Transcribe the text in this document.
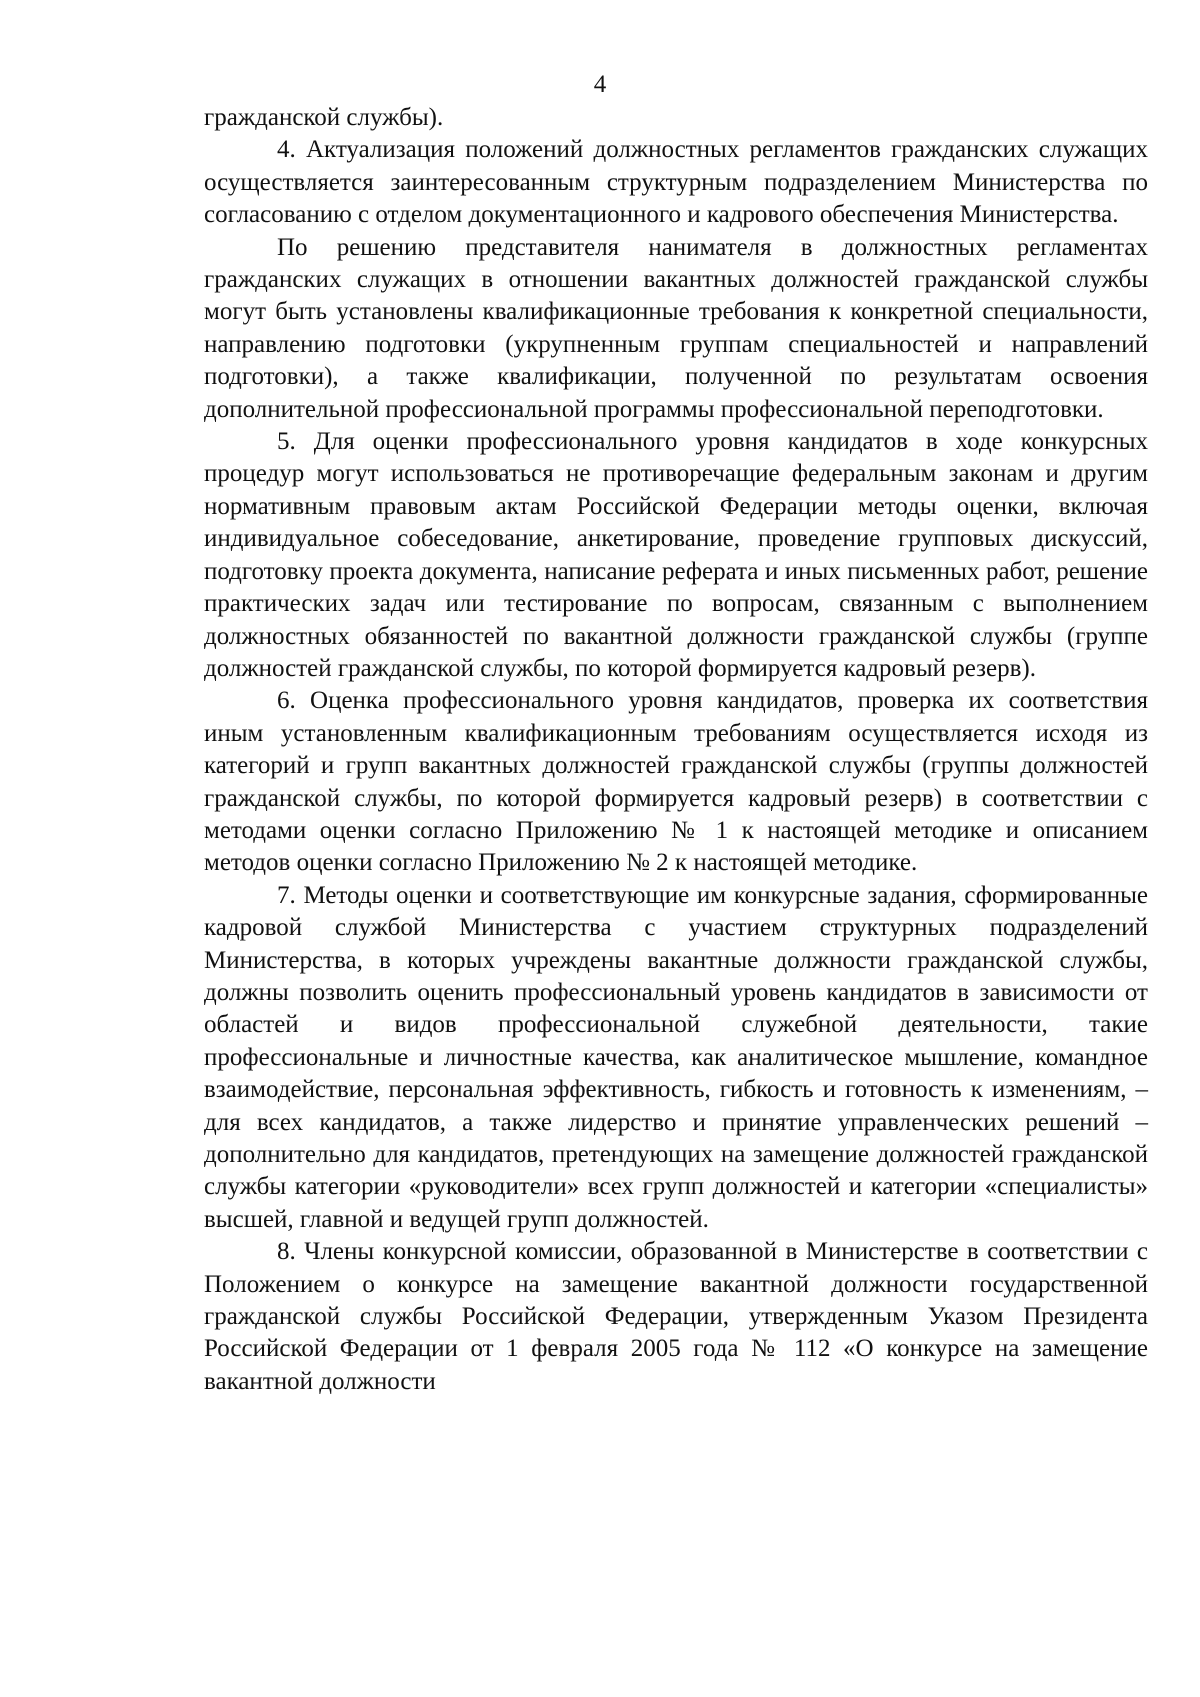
4

гражданской службы).

4. Актуализация положений должностных регламентов гражданских служащих осуществляется заинтересованным структурным подразделением Министерства по согласованию с отделом документационного и кадрового обеспечения Министерства.

По решению представителя нанимателя в должностных регламентах гражданских служащих в отношении вакантных должностей гражданской службы могут быть установлены квалификационные требования к конкретной специальности, направлению подготовки (укрупненным группам специальностей и направлений подготовки), а также квалификации, полученной по результатам освоения дополнительной профессиональной программы профессиональной переподготовки.

5. Для оценки профессионального уровня кандидатов в ходе конкурсных процедур могут использоваться не противоречащие федеральным законам и другим нормативным правовым актам Российской Федерации методы оценки, включая индивидуальное собеседование, анкетирование, проведение групповых дискуссий, подготовку проекта документа, написание реферата и иных письменных работ, решение практических задач или тестирование по вопросам, связанным с выполнением должностных обязанностей по вакантной должности гражданской службы (группе должностей гражданской службы, по которой формируется кадровый резерв).

6. Оценка профессионального уровня кандидатов, проверка их соответствия иным установленным квалификационным требованиям осуществляется исходя из категорий и групп вакантных должностей гражданской службы (группы должностей гражданской службы, по которой формируется кадровый резерв) в соответствии с методами оценки согласно Приложению № 1 к настоящей методике и описанием методов оценки согласно Приложению № 2 к настоящей методике.

7. Методы оценки и соответствующие им конкурсные задания, сформированные кадровой службой Министерства с участием структурных подразделений Министерства, в которых учреждены вакантные должности гражданской службы, должны позволить оценить профессиональный уровень кандидатов в зависимости от областей и видов профессиональной служебной деятельности, такие профессиональные и личностные качества, как аналитическое мышление, командное взаимодействие, персональная эффективность, гибкость и готовность к изменениям, – для всех кандидатов, а также лидерство и принятие управленческих решений – дополнительно для кандидатов, претендующих на замещение должностей гражданской службы категории «руководители» всех групп должностей и категории «специалисты» высшей, главной и ведущей групп должностей.

8. Члены конкурсной комиссии, образованной в Министерстве в соответствии с Положением о конкурсе на замещение вакантной должности государственной гражданской службы Российской Федерации, утвержденным Указом Президента Российской Федерации от 1 февраля 2005 года № 112 «О конкурсе на замещение вакантной должности
